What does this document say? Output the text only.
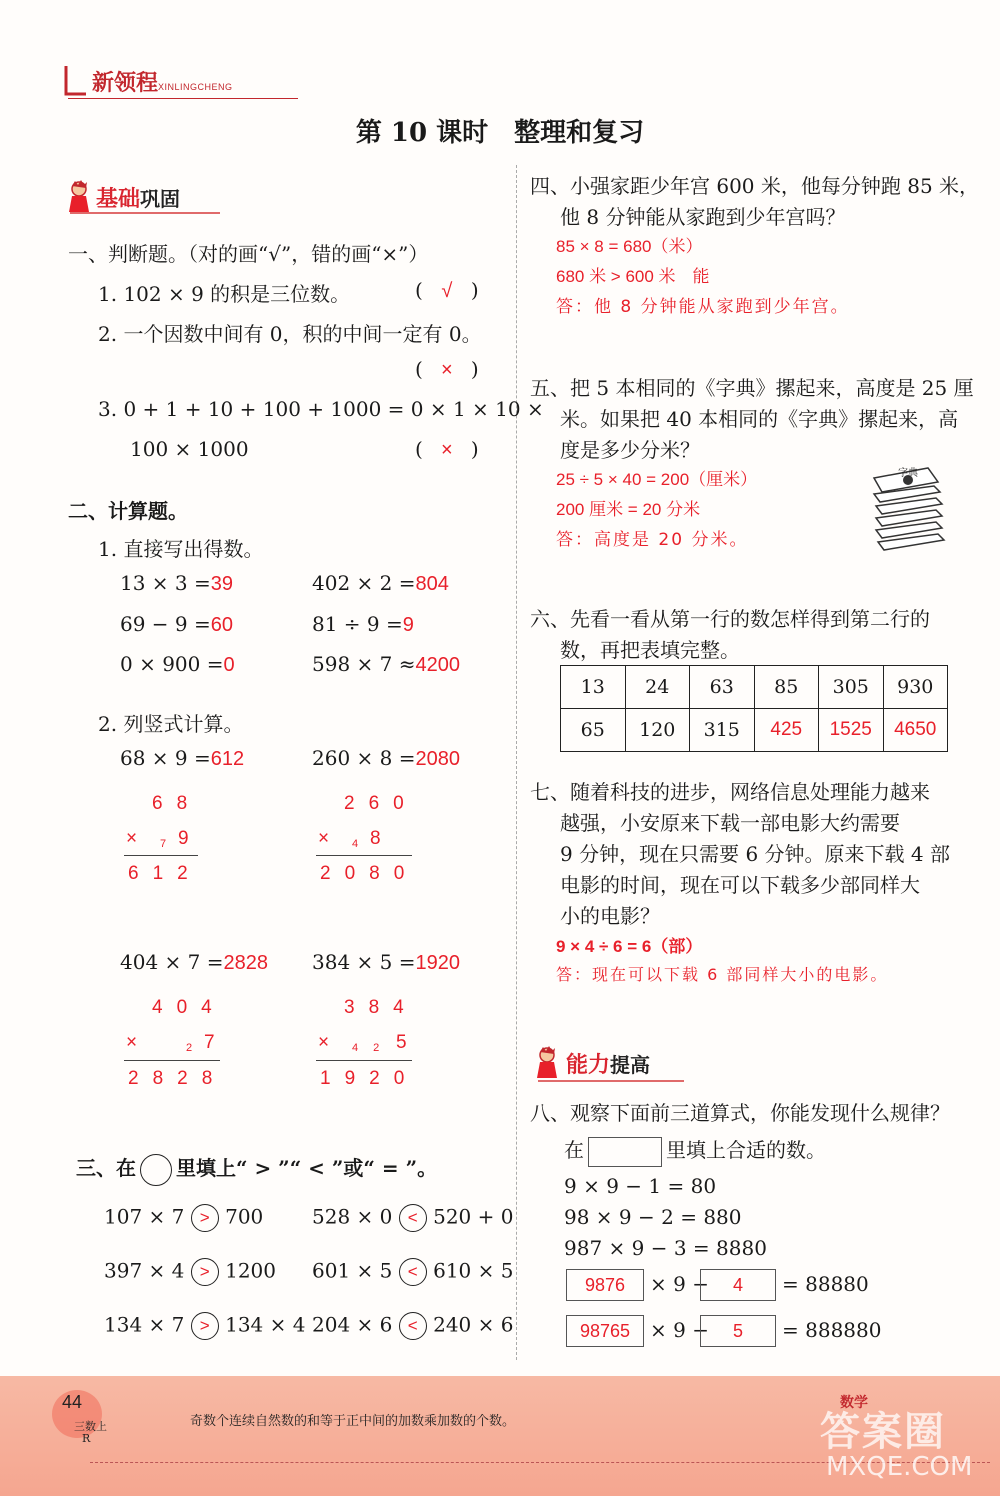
新领程 XINLINGCHENG
第 10 课时　整理和复习
基础巩固
一、判断题。（对的画“√”，错的画“×”）
1. 102 × 9 的积是三位数。	( √ )
2. 一个因数中间有 0，积的中间一定有 0。
( × )
3. 0 + 1 + 10 + 100 + 1000 = 0 × 1 × 10 ×
100 × 1000	( × )
二、计算题。
1. 直接写出得数。
13 × 3 =39	402 × 2 =804
69 − 9 =60	81 ÷ 9 =9
0 × 900 =0	598 × 7 ≈4200
2. 列竖式计算。
68 × 9 =612
68
× 7 9
612
260 × 8 =2080
260
× 4 8
2080
404 × 7 =2828
404
×	2 7
2828
384 × 5 =1920
384
× 4 2 5
1920
三、在 里填上“ > ”“ < ”或“ = ”。
107 × 7 > 700 528 × 0 < 520 + 0
397 × 4 > 1200 601 × 5 < 610 × 5
134 × 7 > 134 × 4 204 × 6 < 240 × 6
四、小强家距少年宫 600 米，他每分钟跑 85 米，
他 8 分钟能从家跑到少年宫吗？
85 × 8 = 680（米）
680 米 > 600 米　能
答：他 8 分钟能从家跑到少年宫。
五、把 5 本相同的《字典》摞起来，高度是 25 厘
米。如果把 40 本相同的《字典》摞起来，高
度是多少分米？
25 ÷ 5 × 40 = 200（厘米）
200 厘米 = 20 分米
答：高度是 20 分米。
字典
六、先看一看从第一行的数怎样得到第二行的
数，再把表填完整。
13	24	63	85	305	930
65	120	315	425	1525	4650
七、随着科技的进步，网络信息处理能力越来
越强，小安原来下载一部电影大约需要
9 分钟，现在只需要 6 分钟。原来下载 4 部
电影的时间，现在可以下载多少部同样大
小的电影？
9 × 4 ÷ 6 = 6（部）
答：现在可以下载 6 部同样大小的电影。
能力提高
八、观察下面前三道算式，你能发现什么规律？
在	里填上合适的数。
9 × 9 − 1 = 80
98 × 9 − 2 = 880
987 × 9 − 3 = 8880
9876	× 9 −	4	= 88880
98765 × 9 −	5	= 888880
44
三数上
R
奇数个连续自然数的和等于正中间的加数乘加数的个数。
数学
答案圈
MXQE.COM
